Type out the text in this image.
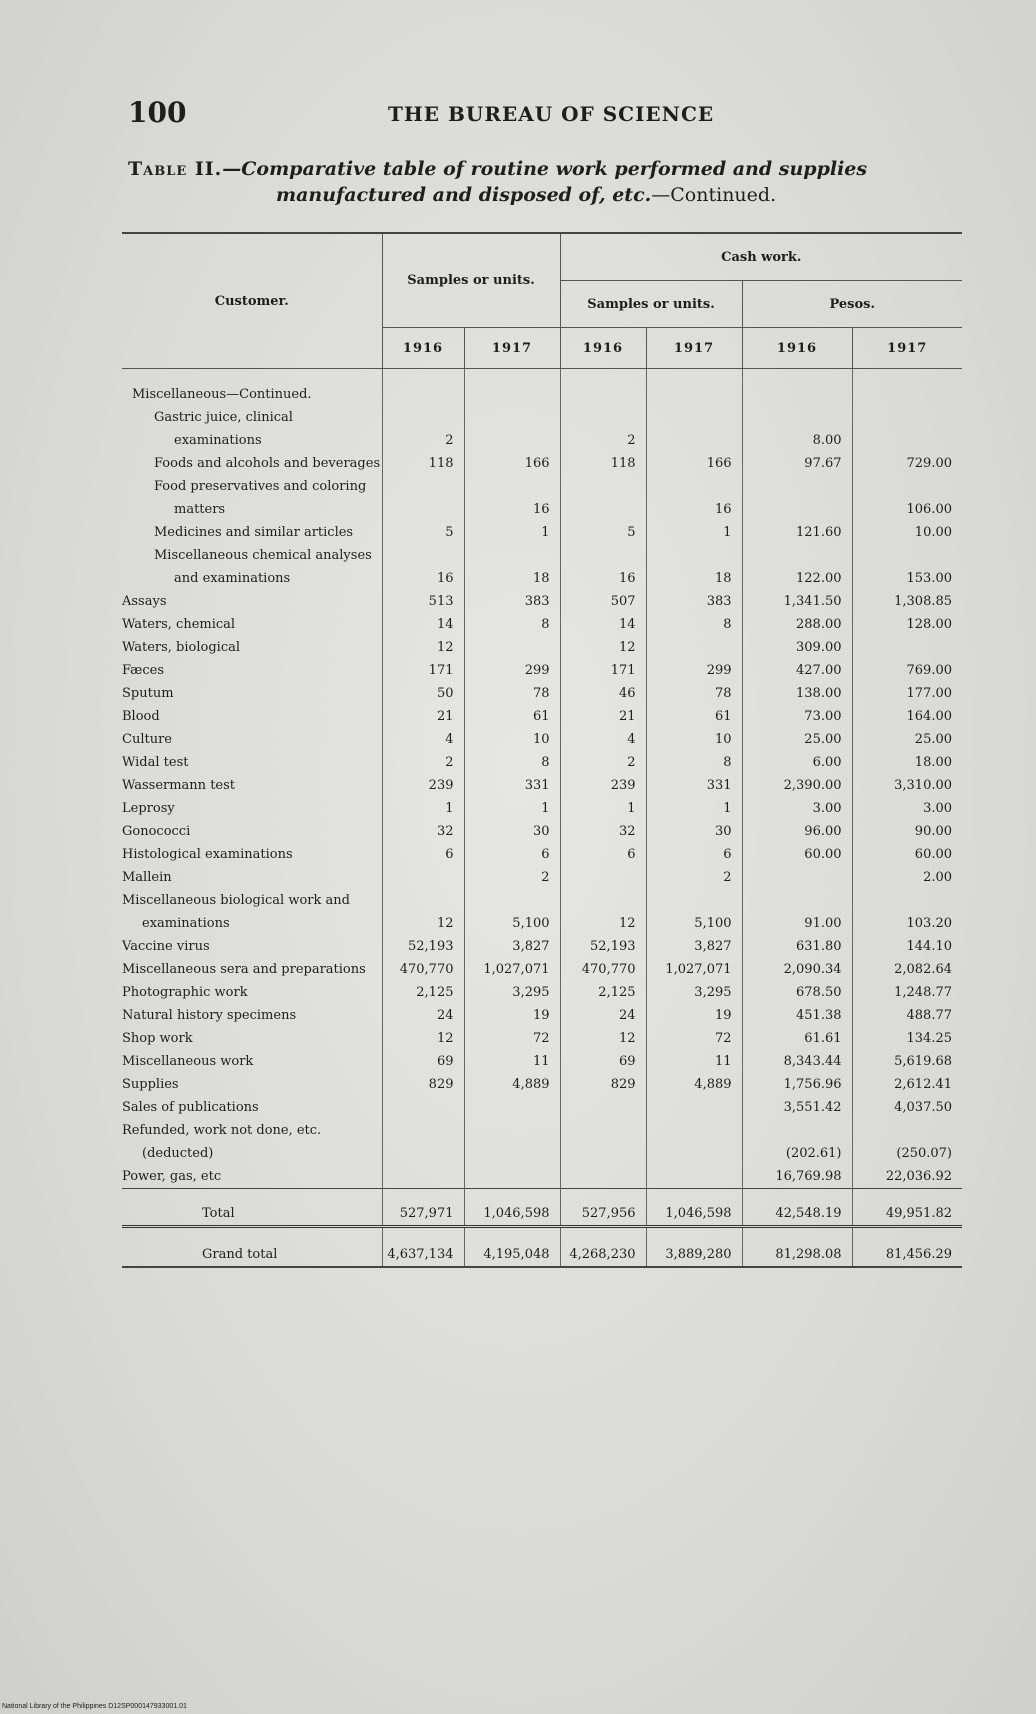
100	THE BUREAU OF SCIENCE
Table II.—Comparative table of routine work performed and supplies
manufactured and disposed of, etc.—Continued.
Customer.	Samples or units.		Cash work.			
			Samples or units.		Pesos.	
	1916	1917	1916	1917	1916	1917
Miscellaneous—Continued.						
Gastric juice, clinical examinations	2		2		8.00	
Foods and alcohols and beverages	118	166	118	166	97.67	729.00
Food preservatives and coloring matters		16		16		106.00
Medicines and similar articles	5	1	5	1	121.60	10.00
Miscellaneous chemical analyses and examinations	16	18	16	18	122.00	153.00
Assays	513	383	507	383	1,341.50	1,308.85
Waters, chemical	14	8	14	8	288.00	128.00
Waters, biological	12		12		309.00	
Fæces	171	299	171	299	427.00	769.00
Sputum	50	78	46	78	138.00	177.00
Blood	21	61	21	61	73.00	164.00
Culture	4	10	4	10	25.00	25.00
Widal test	2	8	2	8	6.00	18.00
Wassermann test	239	331	239	331	2,390.00	3,310.00
Leprosy	1	1	1	1	3.00	3.00
Gonococci	32	30	32	30	96.00	90.00
Histological examinations	6	6	6	6	60.00	60.00
Mallein		2		2		2.00
Miscellaneous biological work and examinations	12	5,100	12	5,100	91.00	103.20
Vaccine virus	52,193	3,827	52,193	3,827	631.80	144.10
Miscellaneous sera and preparations	470,770	1,027,071	470,770	1,027,071	2,090.34	2,082.64
Photographic work	2,125	3,295	2,125	3,295	678.50	1,248.77
Natural history specimens	24	19	24	19	451.38	488.77
Shop work	12	72	12	72	61.61	134.25
Miscellaneous work	69	11	69	11	8,343.44	5,619.68
Supplies	829	4,889	829	4,889	1,756.96	2,612.41
Sales of publications					3,551.42	4,037.50
Refunded, work not done, etc. (deducted)					(202.61)	(250.07)
Power, gas, etc					16,769.98	22,036.92
Total	527,971	1,046,598	527,956	1,046,598	42,548.19	49,951.82
Grand total	4,637,134	4,195,048	4,268,230	3,889,280	81,298.08	81,456.29
National Library of the Philippines D12SP000147933001.01
